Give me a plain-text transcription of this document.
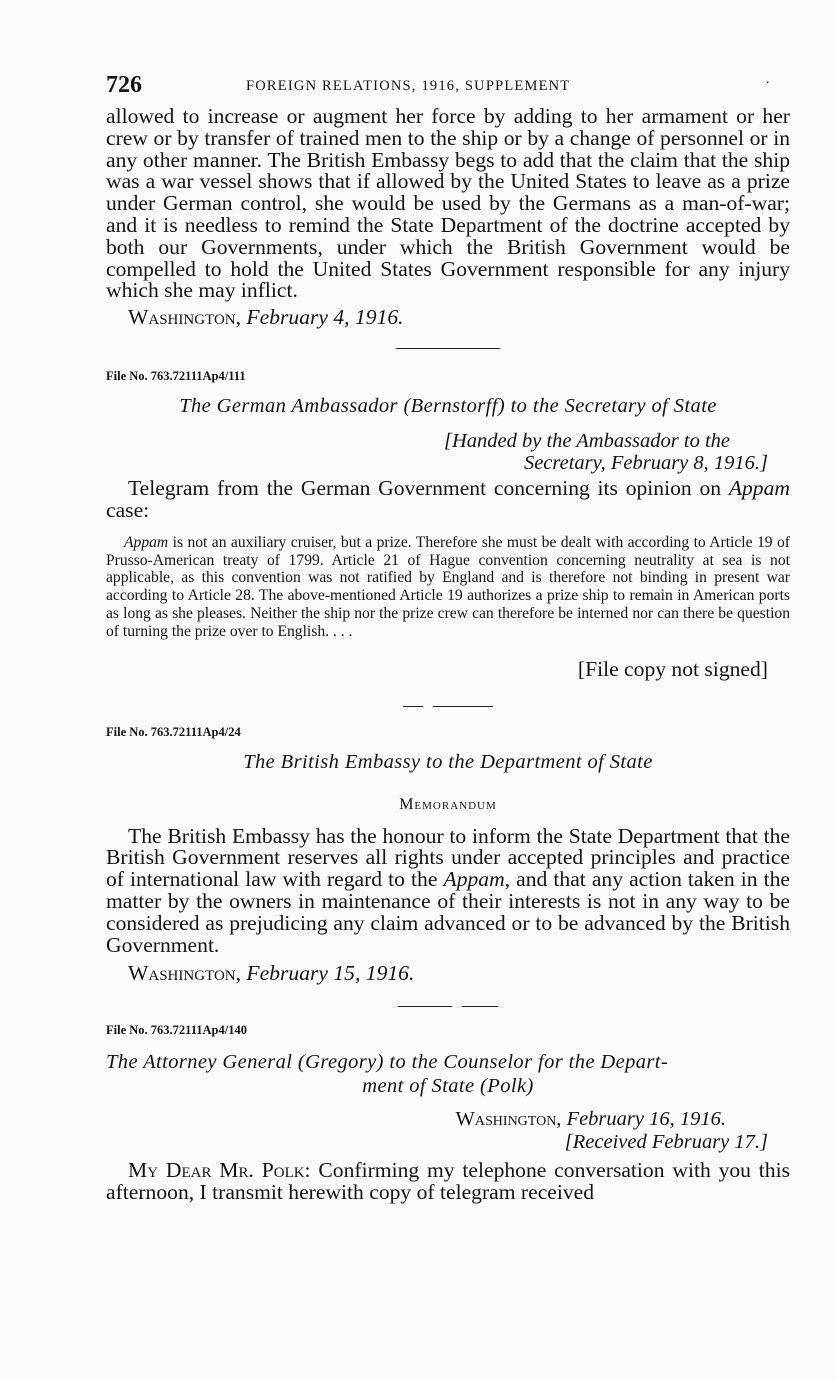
726	FOREIGN RELATIONS, 1916, SUPPLEMENT	·

allowed to increase or augment her force by adding to her armament or her crew or by transfer of trained men to the ship or by a change of personnel or in any other manner. The British Embassy begs to add that the claim that the ship was a war vessel shows that if allowed by the United States to leave as a prize under German control, she would be used by the Germans as a man-of-war; and it is needless to remind the State Department of the doctrine accepted by both our Governments, under which the British Government would be compelled to hold the United States Government responsible for any injury which she may inflict.

Washington, February 4, 1916.

File No. 763.72111Ap4/111

The German Ambassador (Bernstorff) to the Secretary of State

[Handed by the Ambassador to the

Secretary, February 8, 1916.]

Telegram from the German Government concerning its opinion on Appam case:

Appam is not an auxiliary cruiser, but a prize. Therefore she must be dealt with according to Article 19 of Prusso-American treaty of 1799. Article 21 of Hague convention concerning neutrality at sea is not applicable, as this convention was not ratified by England and is therefore not binding in present war according to Article 28. The above-mentioned Article 19 authorizes a prize ship to remain in American ports as long as she pleases. Neither the ship nor the prize crew can therefore be interned nor can there be question of turning the prize over to English. . . .

[File copy not signed]

File No. 763.72111Ap4/24

The British Embassy to the Department of State

Memorandum

The British Embassy has the honour to inform the State Department that the British Government reserves all rights under accepted principles and practice of international law with regard to the Appam, and that any action taken in the matter by the owners in maintenance of their interests is not in any way to be considered as prejudicing any claim advanced or to be advanced by the British Government.

Washington, February 15, 1916.

File No. 763.72111Ap4/140

The Attorney General (Gregory) to the Counselor for the Depart-

ment of State (Polk)

Washington, February 16, 1916.

[Received February 17.]

My Dear Mr. Polk: Confirming my telephone conversation with you this afternoon, I transmit herewith copy of telegram received
